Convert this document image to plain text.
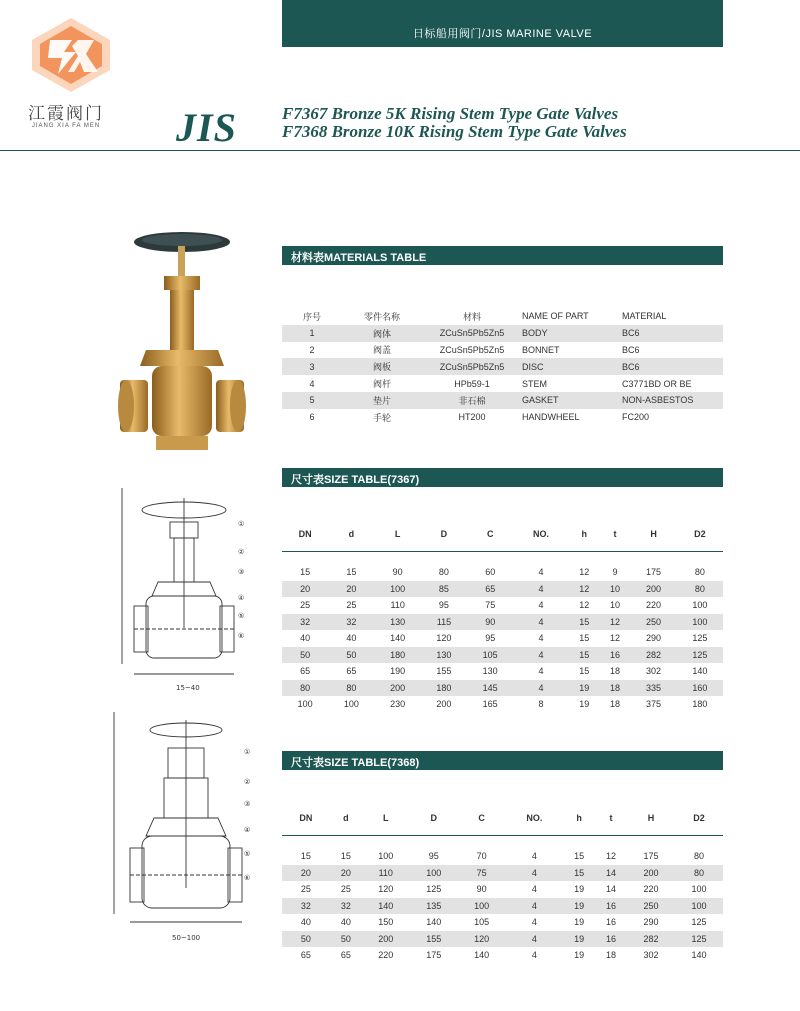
日标船用阀门/JIS MARINE VALVE
江霞阀门
JIANG XIA FA MEN	JIS	F7367 Bronze 5K Rising Stem Type Gate Valves
F7368 Bronze 10K Rising Stem Type Gate Valves
①
②
③
④
⑤
⑥
15~40
①
②
③
④
⑤
⑥
50~100
材料表MATERIALS TABLE
序号	零件名称	材料	NAME OF PART	MATERIAL
1	阀体	ZCuSn5Pb5Zn5	BODY	BC6
2	阀盖	ZCuSn5Pb5Zn5	BONNET	BC6
3	阀板	ZCuSn5Pb5Zn5	DISC	BC6
4	阀杆	HPb59-1	STEM	C3771BD OR BE
5	垫片	非石棉	GASKET	NON-ASBESTOS
6	手轮	HT200	HANDWHEEL	FC200
尺寸表SIZE TABLE(7367)
DN	d	L	D	C	NO.	h	t	H	D2

15	15	90	80	60	4	12	9	175	80
20	20	100	85	65	4	12	10	200	80
25	25	110	95	75	4	12	10	220	100
32	32	130	115	90	4	15	12	250	100
40	40	140	120	95	4	15	12	290	125
50	50	180	130	105	4	15	16	282	125
65	65	190	155	130	4	15	18	302	140
80	80	200	180	145	4	19	18	335	160
100	100	230	200	165	8	19	18	375	180
尺寸表SIZE TABLE(7368)
DN	d	L	D	C	NO.	h	t	H	D2

15	15	100	95	70	4	15	12	175	80
20	20	110	100	75	4	15	14	200	80
25	25	120	125	90	4	19	14	220	100
32	32	140	135	100	4	19	16	250	100
40	40	150	140	105	4	19	16	290	125
50	50	200	155	120	4	19	16	282	125
65	65	220	175	140	4	19	18	302	140
